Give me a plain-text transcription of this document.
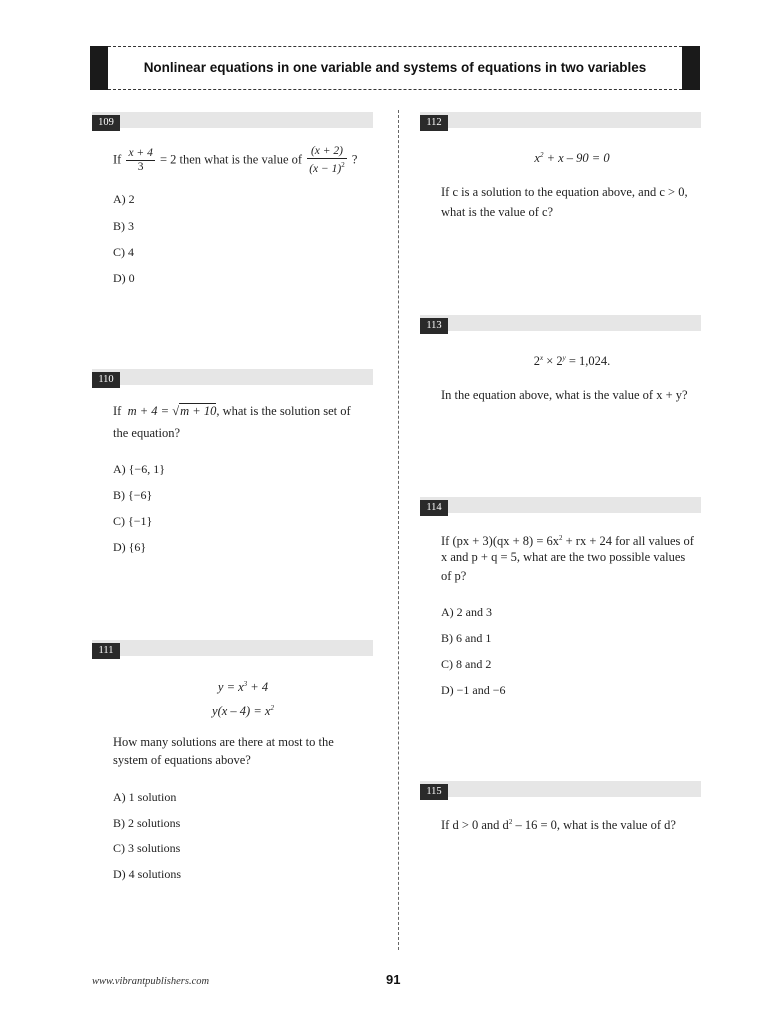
Nonlinear equations in one variable and systems of equations in two variables
109
If $\frac{x + 4}{3} = 2$ then what is the value of $\frac{(x + 2)}{(x - 1)^2}$ ?
A) 2
B) 3
C) 4
D) 0
110
If m + 4 = √m + 10, what is the solution set of
the equation?
A) {−6, 1}
B) {−6}
C) {−1}
D) {6}
111
$y = x^3 + 4$
$y(x - 4) = x^2$
How many solutions are there at most to the
system of equations above?
A) 1 solution
B) 2 solutions
C) 3 solutions
D) 4 solutions
112
$x^2 + x - 90 = 0$
If c is a solution to the equation above, and c > 0,
what is the value of c?
113
$2^x \times 2^y = 1,024$.
In the equation above, what is the value of x + y?
114
If $(px + 3)(qx + 8) = 6x^2$ + rx + 24 for all values of
x and p + q = 5, what are the two possible values
of p?
A) 2 and 3
B) 6 and 1
C) 8 and 2
D) −1 and −6
115
If d > 0 and $d^2 - 16 = 0$, what is the value of d?
www.vibrantpublishers.com	91
